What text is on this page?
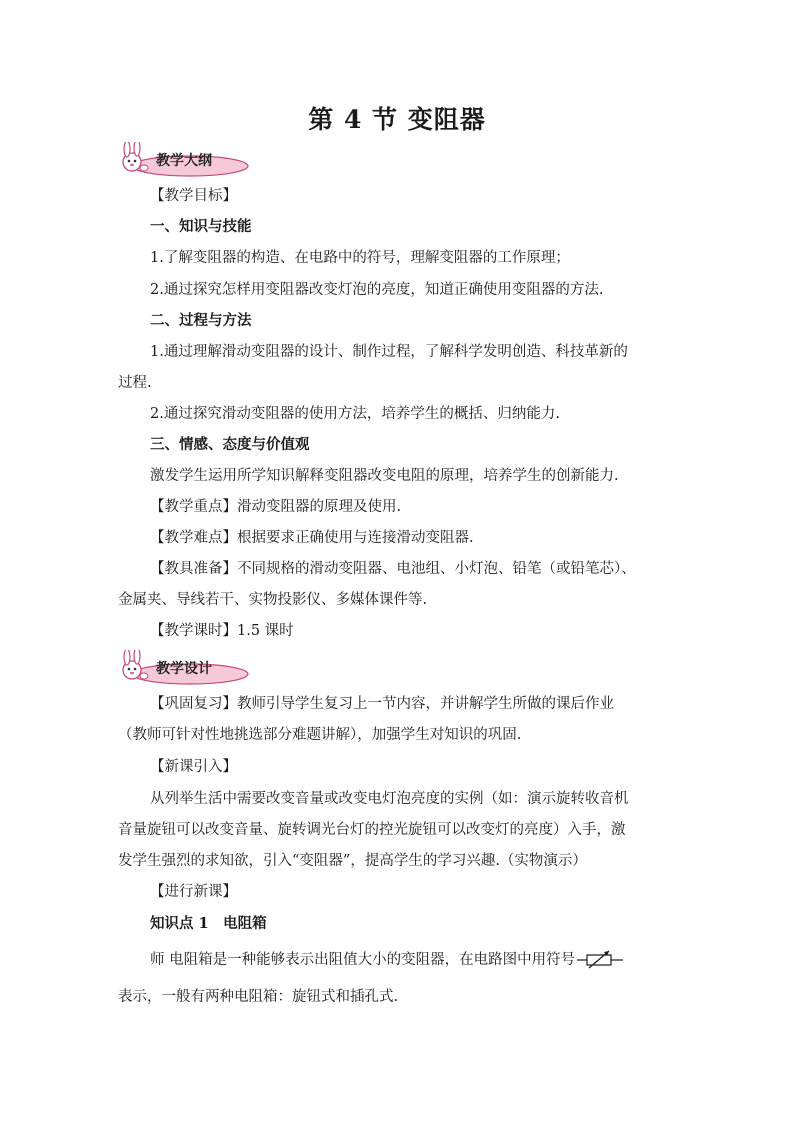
第 4 节 变阻器
教学大纲
【教学目标】
一、知识与技能
1.了解变阻器的构造、在电路中的符号，理解变阻器的工作原理；
2.通过探究怎样用变阻器改变灯泡的亮度，知道正确使用变阻器的方法.
二、过程与方法
1.通过理解滑动变阻器的设计、制作过程，了解科学发明创造、科技革新的
过程.
2.通过探究滑动变阻器的使用方法，培养学生的概括、归纳能力.
三、情感、态度与价值观
激发学生运用所学知识解释变阻器改变电阻的原理，培养学生的创新能力.
【教学重点】滑动变阻器的原理及使用.
【教学难点】根据要求正确使用与连接滑动变阻器.
【教具准备】不同规格的滑动变阻器、电池组、小灯泡、铅笔（或铅笔芯）、
金属夹、导线若干、实物投影仪、多媒体课件等.
【教学课时】1.5 课时
教学设计
【巩固复习】教师引导学生复习上一节内容，并讲解学生所做的课后作业
（教师可针对性地挑选部分难题讲解），加强学生对知识的巩固.
【新课引入】
从列举生活中需要改变音量或改变电灯泡亮度的实例（如：演示旋转收音机
音量旋钮可以改变音量、旋转调光台灯的控光旋钮可以改变灯的亮度）入手，激
发学生强烈的求知欲，引入“变阻器”，提高学生的学习兴趣.（实物演示）
【进行新课】
知识点 1　电阻箱
师 电阻箱是一种能够表示出阻值大小的变阻器，在电路图中用符号
表示，一般有两种电阻箱：旋钮式和插孔式.
